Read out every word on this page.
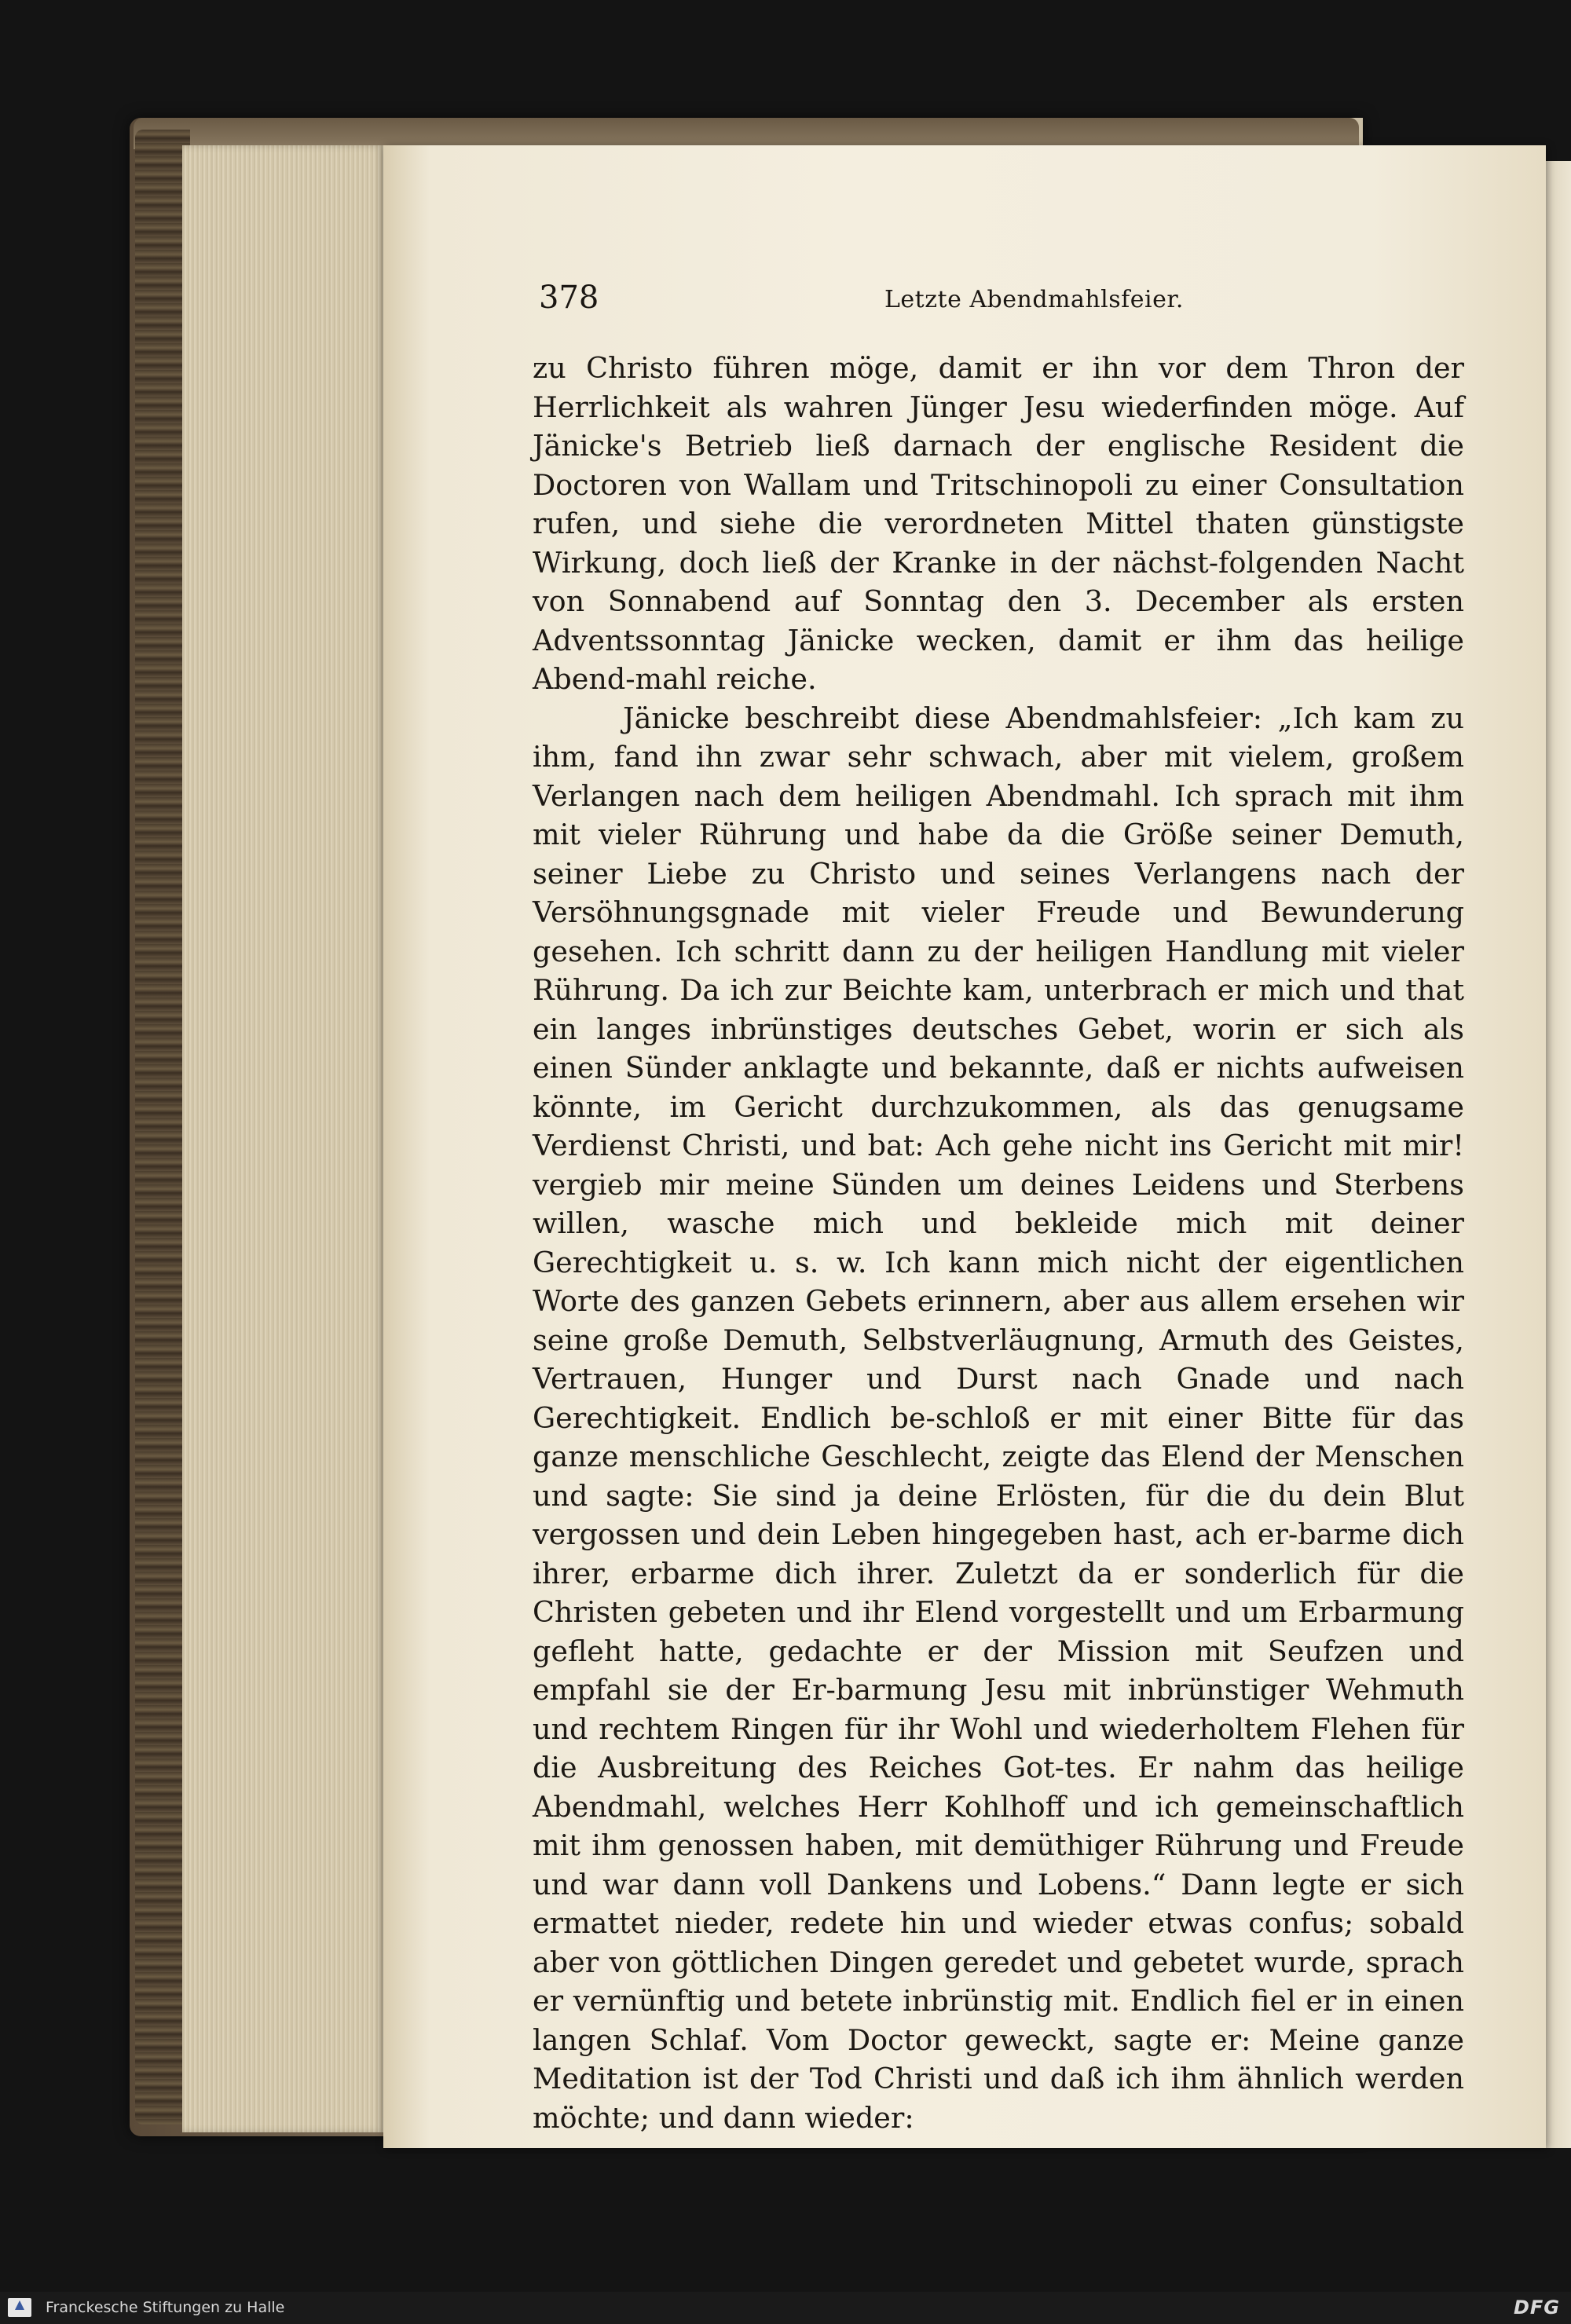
378	Letzte Abendmahlsfeier.

zu Christo führen möge, damit er ihn vor dem Thron der Herrlichkeit als wahren Jünger Jesu wiederfinden möge. Auf Jänicke's Betrieb ließ darnach der englische Resident die Doctoren von Wallam und Tritschinopoli zu einer Consultation rufen, und siehe die verordneten Mittel thaten günstigste Wirkung, doch ließ der Kranke in der nächst-folgenden Nacht von Sonnabend auf Sonntag den 3. December als ersten Adventssonntag Jänicke wecken, damit er ihm das heilige Abend-mahl reiche.

Jänicke beschreibt diese Abendmahlsfeier: „Ich kam zu ihm, fand ihn zwar sehr schwach, aber mit vielem, großem Verlangen nach dem heiligen Abendmahl. Ich sprach mit ihm mit vieler Rührung und habe da die Größe seiner Demuth, seiner Liebe zu Christo und seines Verlangens nach der Versöhnungsgnade mit vieler Freude und Bewunderung gesehen. Ich schritt dann zu der heiligen Handlung mit vieler Rührung. Da ich zur Beichte kam, unterbrach er mich und that ein langes inbrünstiges deutsches Gebet, worin er sich als einen Sünder anklagte und bekannte, daß er nichts aufweisen könnte, im Gericht durchzukommen, als das genugsame Verdienst Christi, und bat: Ach gehe nicht ins Gericht mit mir! vergieb mir meine Sünden um deines Leidens und Sterbens willen, wasche mich und bekleide mich mit deiner Gerechtigkeit u. s. w. Ich kann mich nicht der eigentlichen Worte des ganzen Gebets erinnern, aber aus allem ersehen wir seine große Demuth, Selbstverläugnung, Armuth des Geistes, Vertrauen, Hunger und Durst nach Gnade und nach Gerechtigkeit. Endlich be-schloß er mit einer Bitte für das ganze menschliche Geschlecht, zeigte das Elend der Menschen und sagte: Sie sind ja deine Erlösten, für die du dein Blut vergossen und dein Leben hingegeben hast, ach er-barme dich ihrer, erbarme dich ihrer. Zuletzt da er sonderlich für die Christen gebeten und ihr Elend vorgestellt und um Erbarmung gefleht hatte, gedachte er der Mission mit Seufzen und empfahl sie der Er-barmung Jesu mit inbrünstiger Wehmuth und rechtem Ringen für ihr Wohl und wiederholtem Flehen für die Ausbreitung des Reiches Got-tes. Er nahm das heilige Abendmahl, welches Herr Kohlhoff und ich gemeinschaftlich mit ihm genossen haben, mit demüthiger Rührung und Freude und war dann voll Dankens und Lobens.“ Dann legte er sich ermattet nieder, redete hin und wieder etwas confus; sobald aber von göttlichen Dingen geredet und gebetet wurde, sprach er vernünftig und betete inbrünstig mit. Endlich fiel er in einen langen Schlaf. Vom Doctor geweckt, sagte er: Meine ganze Meditation ist der Tod Christi und daß ich ihm ähnlich werden möchte; und dann wieder:

Franckesche Stiftungen zu Halle	DFG
